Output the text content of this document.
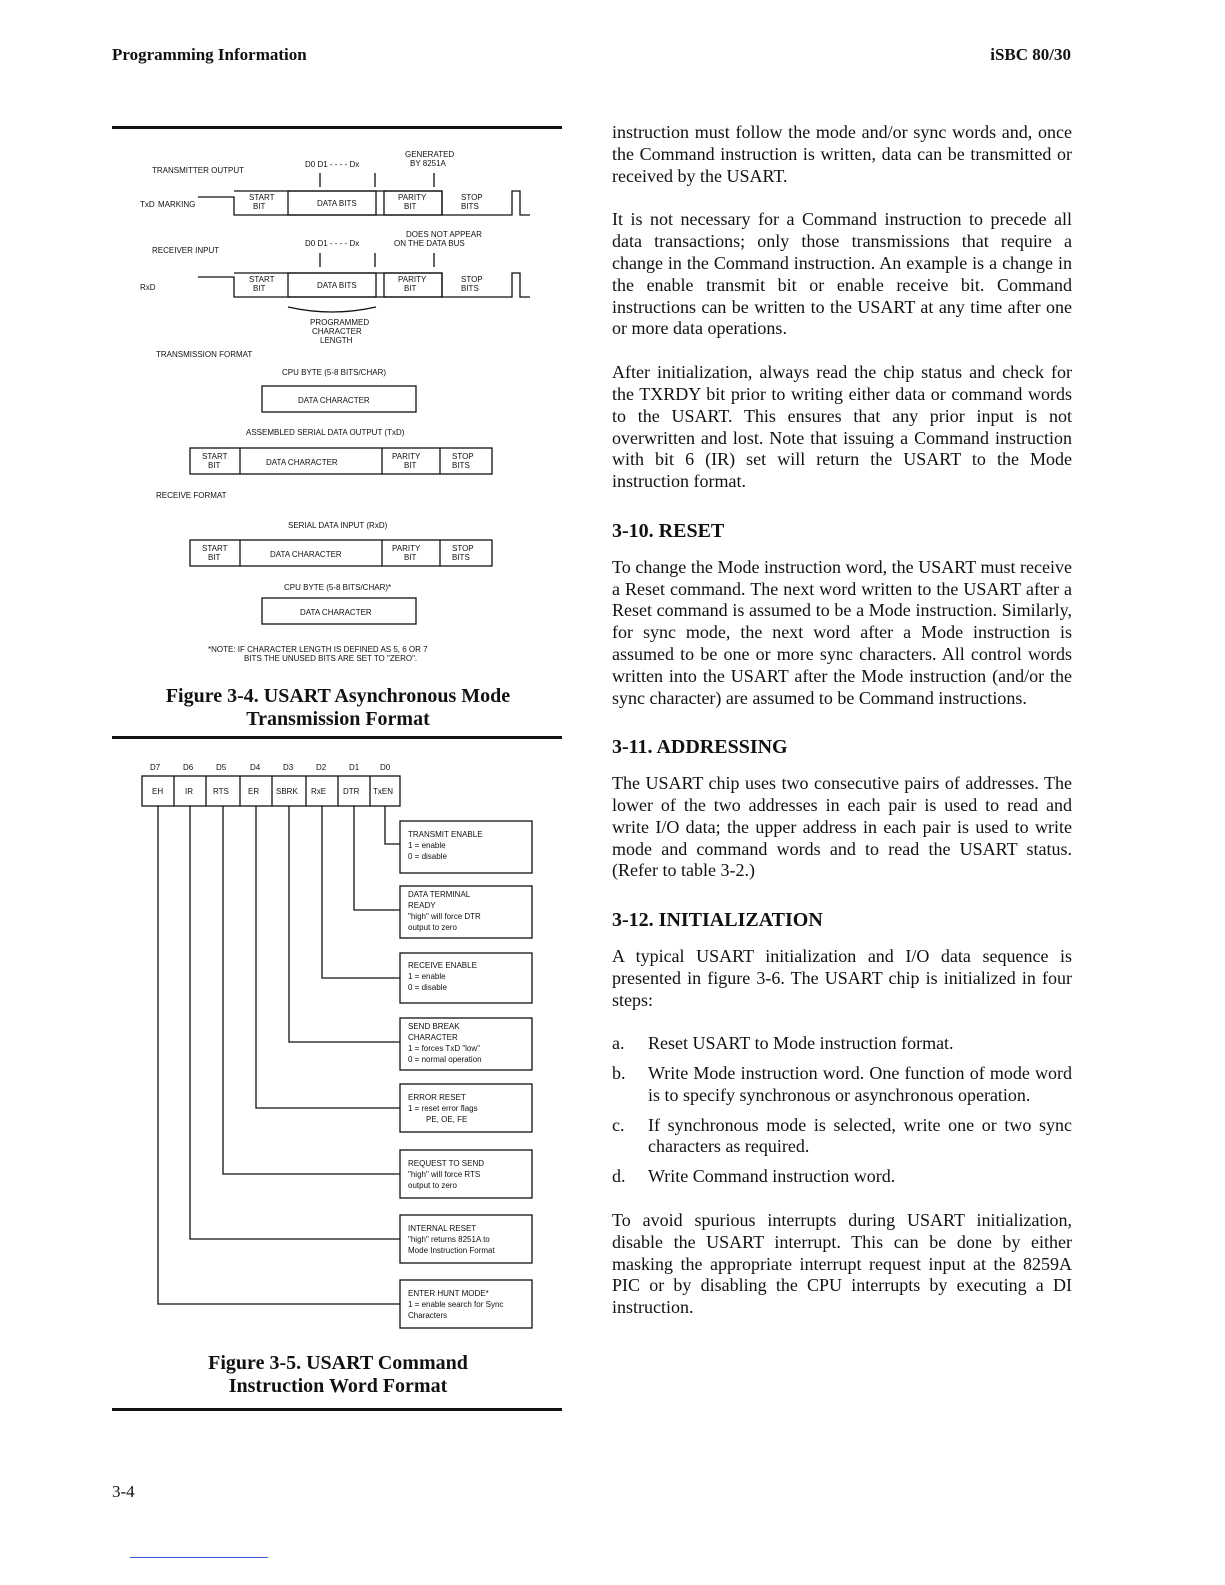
Programming Information	iSBC 80/30
TRANSMITTER OUTPUT
D0 D1 - - - - Dx
GENERATED
BY 8251A
TxD MARKING
START
BIT	DATA BITS
PARITY
BIT
STOP
BITS
DOES NOT APPEAR
ON THE DATA BUS
RECEIVER INPUT
D0 D1 - - - - Dx
RxD
START
BIT	DATA BITS
PARITY
BIT
STOP
BITS
PROGRAMMED
CHARACTER
LENGTH
TRANSMISSION FORMAT
CPU BYTE (5-8 BITS/CHAR)
DATA CHARACTER
ASSEMBLED SERIAL DATA OUTPUT (TxD)
START
BIT	DATA CHARACTER
PARITY
BIT
STOP
BITS
RECEIVE FORMAT
SERIAL DATA INPUT (RxD)
START
BIT	DATA CHARACTER
PARITY
BIT
STOP
BITS
CPU BYTE (5-8 BITS/CHAR)*
DATA CHARACTER
*NOTE: IF CHARACTER LENGTH IS DEFINED AS 5, 6 OR 7
BITS THE UNUSED BITS ARE SET TO "ZERO".
Figure 3-4. USART Asynchronous Mode
Transmission Format
D7	D6	D5	D4	D3	D2	D1	D0
EH	IR	RTS ER SBRK RxE DTR TxEN
TRANSMIT ENABLE
1 = enable
0 = disable
DATA TERMINAL
READY
"high" will force DTR
output to zero
RECEIVE ENABLE
1 = enable
0 = disable
SEND BREAK
CHARACTER
1 = forces TxD "low"
0 = normal operation
ERROR RESET
1 = reset error flags
PE, OE, FE
REQUEST TO SEND
"high" will force RTS
output to zero
INTERNAL RESET
"high" returns 8251A to
Mode Instruction Format
ENTER HUNT MODE*
1 = enable search for Sync
Characters
Figure 3-5. USART Command
Instruction Word Format

instruction must follow the mode and/or sync words and, once the Command instruction is written, data can be transmitted or received by the USART.

It is not necessary for a Command instruction to precede all data transactions; only those transmissions that require a change in the Command instruction. An example is a change in the enable transmit bit or enable receive bit. Command instructions can be written to the USART at any time after one or more data operations.

After initialization, always read the chip status and check for the TXRDY bit prior to writing either data or command words to the USART. This ensures that any prior input is not overwritten and lost. Note that issuing a Command instruction with bit 6 (IR) set will return the USART to the Mode instruction format.

3-10. RESET

To change the Mode instruction word, the USART must receive a Reset command. The next word written to the USART after a Reset command is assumed to be a Mode instruction. Similarly, for sync mode, the next word after a Mode instruction is assumed to be one or more sync characters. All control words written into the USART after the Mode instruction (and/or the sync character) are assumed to be Command instructions.

3-11. ADDRESSING

The USART chip uses two consecutive pairs of addresses. The lower of the two addresses in each pair is used to read and write I/O data; the upper address in each pair is used to write mode and command words and to read the USART status. (Refer to table 3-2.)

3-12. INITIALIZATION

A typical USART initialization and I/O data sequence is presented in figure 3-6. The USART chip is initialized in four steps:

a.	Reset USART to Mode instruction format.
b.	Write Mode instruction word. One function of mode word is to specify synchronous or asynchronous operation.
c.	If synchronous mode is selected, write one or two sync characters as required.
d.	Write Command instruction word.

To avoid spurious interrupts during USART initialization, disable the USART interrupt. This can be done by either masking the appropriate interrupt request input at the 8259A PIC or by disabling the CPU interrupts by executing a DI instruction.

3-4
